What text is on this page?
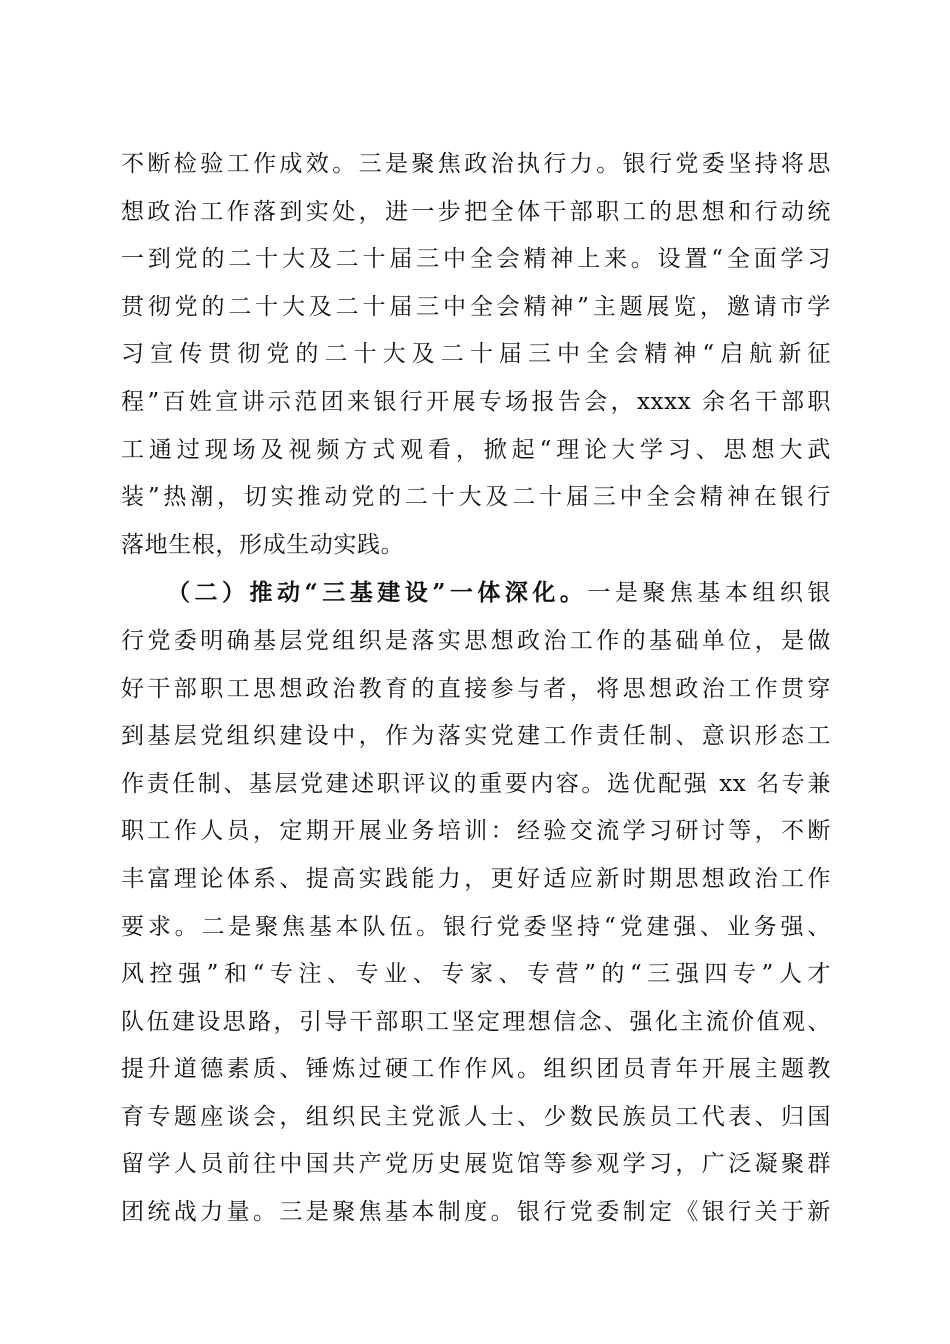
不断检验工作成效。三是聚焦政治执行力。银行党委坚持将思
想政治工作落到实处，进一步把全体干部职工的思想和行动统
一到党的二十大及二十届三中全会精神上来。设置“全面学习
贯彻党的二十大及二十届三中全会精神”主题展览，邀请市学
习宣传贯彻党的二十大及二十届三中全会精神“启航新征
程”百姓宣讲示范团来银行开展专场报告会，xxxx 余名干部职
工通过现场及视频方式观看，掀起“理论大学习、思想大武
装”热潮，切实推动党的二十大及二十届三中全会精神在银行
落地生根，形成生动实践。
（二）推动“三基建设”一体深化。一是聚焦基本组织银
行党委明确基层党组织是落实思想政治工作的基础单位，是做
好干部职工思想政治教育的直接参与者，将思想政治工作贯穿
到基层党组织建设中，作为落实党建工作责任制、意识形态工
作责任制、基层党建述职评议的重要内容。选优配强 xx 名专兼
职工作人员，定期开展业务培训：经验交流学习研讨等，不断
丰富理论体系、提高实践能力，更好适应新时期思想政治工作
要求。二是聚焦基本队伍。银行党委坚持“党建强、业务强、
风控强”和“专注、专业、专家、专营”的“三强四专”人才
队伍建设思路，引导干部职工坚定理想信念、强化主流价值观、
提升道德素质、锤炼过硬工作作风。组织团员青年开展主题教
育专题座谈会，组织民主党派人士、少数民族员工代表、归国
留学人员前往中国共产党历史展览馆等参观学习，广泛凝聚群
团统战力量。三是聚焦基本制度。银行党委制定《银行关于新
